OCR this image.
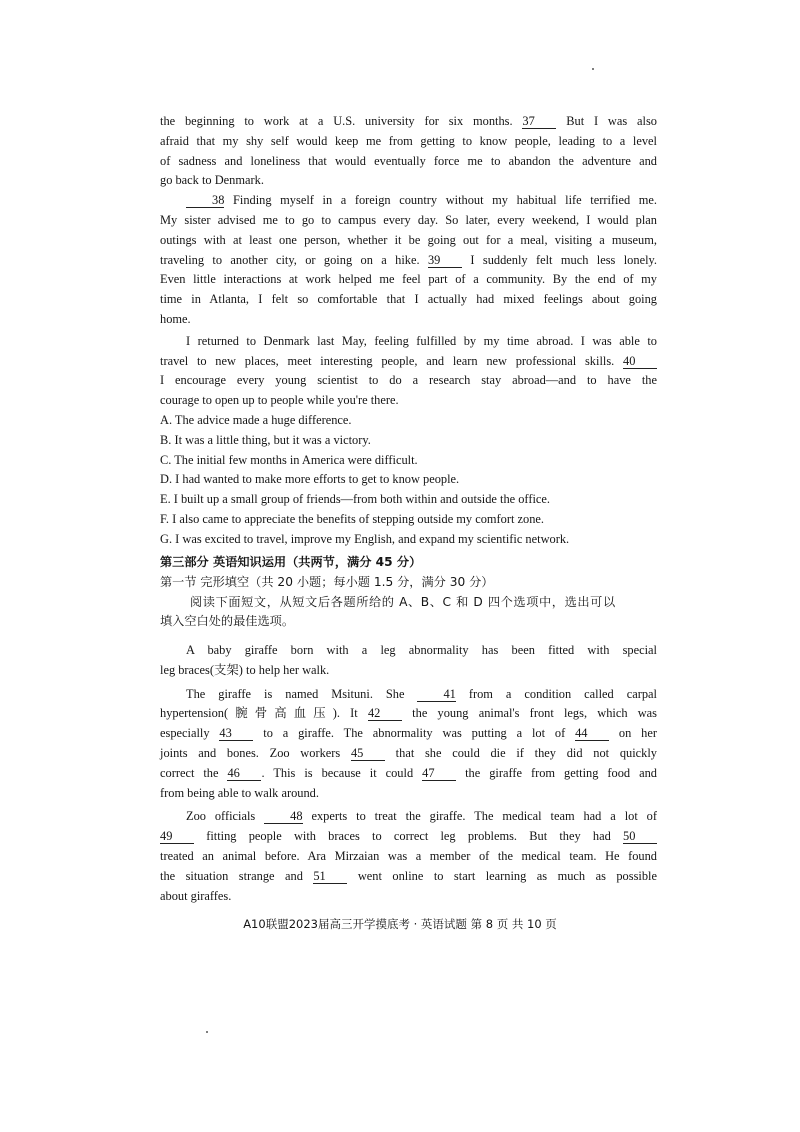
the beginning to work at a U.S. university for six months. 37 But I was also
afraid that my shy self would keep me from getting to know people, leading to a level
of sadness and loneliness that would eventually force me to abandon the adventure and
go back to Denmark.
38 Finding myself in a foreign country without my habitual life terrified me.
My sister advised me to go to campus every day. So later, every weekend, I would plan
outings with at least one person, whether it be going out for a meal, visiting a museum,
traveling to another city, or going on a hike. 39 I suddenly felt much less lonely.
Even little interactions at work helped me feel part of a community. By the end of my
time in Atlanta, I felt so comfortable that I actually had mixed feelings about going
home.
I returned to Denmark last May, feeling fulfilled by my time abroad. I was able to
travel to new places, meet interesting people, and learn new professional skills. 40
I encourage every young scientist to do a research stay abroad—and to have the
courage to open up to people while you're there.
A. The advice made a huge difference.
B. It was a little thing, but it was a victory.
C. The initial few months in America were difficult.
D. I had wanted to make more efforts to get to know people.
E. I built up a small group of friends—from both within and outside the office.
F. I also came to appreciate the benefits of stepping outside my comfort zone.
G. I was excited to travel, improve my English, and expand my scientific network.
第三部分 英语知识运用（共两节，满分 45 分）
第一节 完形填空（共 20 小题；每小题 1.5 分，满分 30 分）
阅读下面短文，从短文后各题所给的 A、B、C 和 D 四个选项中，选出可以
填入空白处的最佳选项。
A baby giraffe born with a leg abnormality has been fitted with special
leg braces(支架) to help her walk.
The giraffe is named Msituni. She 41 from a condition called carpal
hypertension(腕骨高血压). It 42 the young animal's front legs, which was
especially 43 to a giraffe. The abnormality was putting a lot of 44 on her
joints and bones. Zoo workers 45 that she could die if they did not quickly
correct the 46 . This is because it could 47 the giraffe from getting food and
from being able to walk around.
Zoo officials 48 experts to treat the giraffe. The medical team had a lot of
49 fitting people with braces to correct leg problems. But they had 50
treated an animal before. Ara Mirzaian was a member of the medical team. He found
the situation strange and 51 went online to start learning as much as possible
about giraffes.
A10联盟2023届高三开学摸底考 · 英语试题 第 8 页 共 10 页
